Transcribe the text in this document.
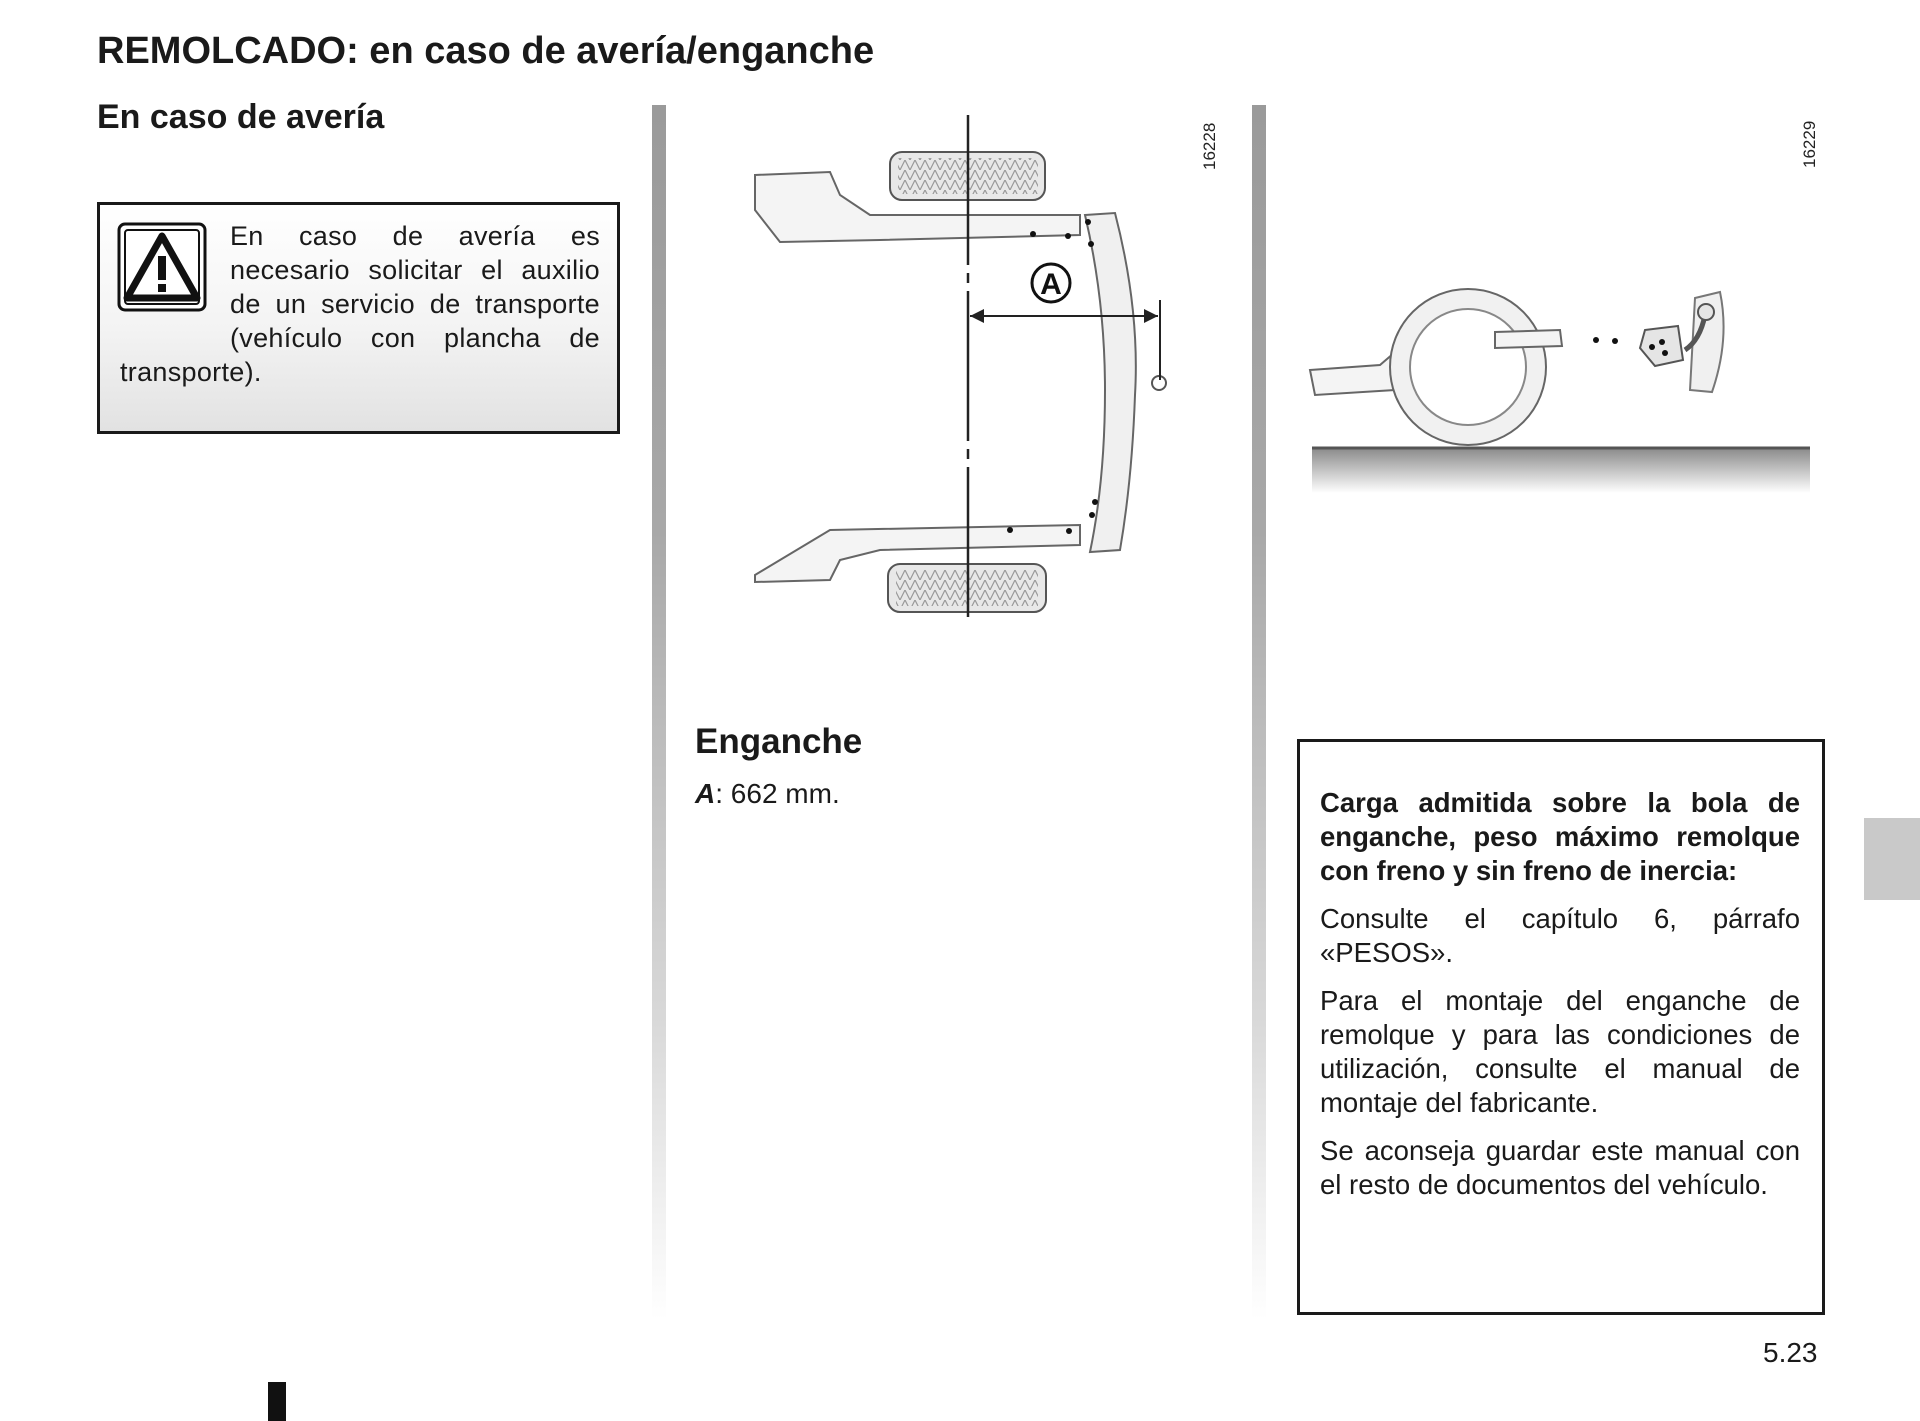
REMOLCADO: en caso de avería/enganche
En caso de avería

En caso de avería es necesario solicitar el auxilio de un servicio de transporte (vehículo con plancha de transporte).

16228	16229
A
Enganche

A: 662 mm.	Carga admitida sobre la bola de enganche, peso máximo remolque con freno y sin freno de inercia:

Consulte el capítulo 6, párrafo «PESOS».

Para el montaje del enganche de remolque y para las condiciones de utilización, consulte el manual de montaje del fabricante.

Se aconseja guardar este manual con el resto de documentos del vehículo.

5.23
